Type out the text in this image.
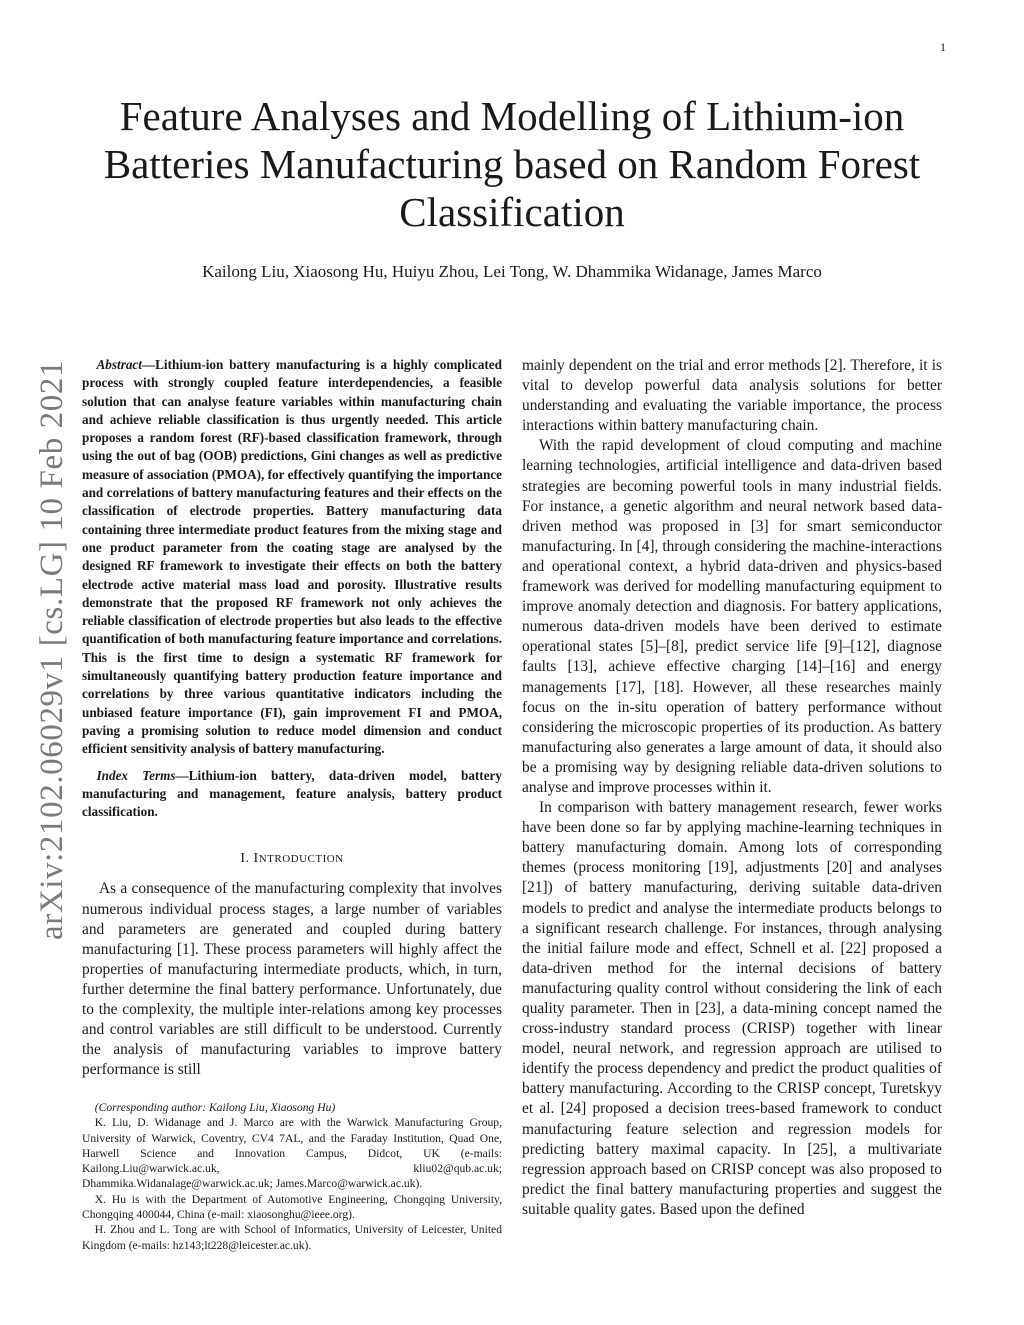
1
arXiv:2102.06029v1 [cs.LG] 10 Feb 2021
Feature Analyses and Modelling of Lithium-ion Batteries Manufacturing based on Random Forest Classification
Kailong Liu, Xiaosong Hu, Huiyu Zhou, Lei Tong, W. Dhammika Widanage, James Marco

Abstract—Lithium-ion battery manufacturing is a highly complicated process with strongly coupled feature interdependencies, a feasible solution that can analyse feature variables within manufacturing chain and achieve reliable classification is thus urgently needed. This article proposes a random forest (RF)-based classification framework, through using the out of bag (OOB) predictions, Gini changes as well as predictive measure of association (PMOA), for effectively quantifying the importance and correlations of battery manufacturing features and their effects on the classification of electrode properties. Battery manufacturing data containing three intermediate product features from the mixing stage and one product parameter from the coating stage are analysed by the designed RF framework to investigate their effects on both the battery electrode active material mass load and porosity. Illustrative results demonstrate that the proposed RF framework not only achieves the reliable classification of electrode properties but also leads to the effective quantification of both manufacturing feature importance and correlations. This is the first time to design a systematic RF framework for simultaneously quantifying battery production feature importance and correlations by three various quantitative indicators including the unbiased feature importance (FI), gain improvement FI and PMOA, paving a promising solution to reduce model dimension and conduct efficient sensitivity analysis of battery manufacturing.

Index Terms—Lithium-ion battery, data-driven model, battery manufacturing and management, feature analysis, battery product classification.

I. INTRODUCTION

As a consequence of the manufacturing complexity that involves numerous individual process stages, a large number of variables and parameters are generated and coupled during battery manufacturing [1]. These process parameters will highly affect the properties of manufacturing intermediate products, which, in turn, further determine the final battery performance. Unfortunately, due to the complexity, the multiple inter-relations among key processes and control variables are still difficult to be understood. Currently the analysis of manufacturing variables to improve battery performance is still

(Corresponding author: Kailong Liu, Xiaosong Hu)

K. Liu, D. Widanage and J. Marco are with the Warwick Manufacturing Group, University of Warwick, Coventry, CV4 7AL, and the Faraday Institution, Quad One, Harwell Science and Innovation Campus, Didcot, UK (e-mails: Kailong.Liu@warwick.ac.uk, kliu02@qub.ac.uk; Dhammika.Widanalage@warwick.ac.uk; James.Marco@warwick.ac.uk).

X. Hu is with the Department of Automotive Engineering, Chongqing University, Chongqing 400044, China (e-mail: xiaosonghu@ieee.org).

H. Zhou and L. Tong are with School of Informatics, University of Leicester, United Kingdom (e-mails: hz143;lt228@leicester.ac.uk).

mainly dependent on the trial and error methods [2]. Therefore, it is vital to develop powerful data analysis solutions for better understanding and evaluating the variable importance, the process interactions within battery manufacturing chain.

With the rapid development of cloud computing and machine learning technologies, artificial intelligence and data-driven based strategies are becoming powerful tools in many industrial fields. For instance, a genetic algorithm and neural network based data-driven method was proposed in [3] for smart semiconductor manufacturing. In [4], through considering the machine-interactions and operational context, a hybrid data-driven and physics-based framework was derived for modelling manufacturing equipment to improve anomaly detection and diagnosis. For battery applications, numerous data-driven models have been derived to estimate operational states [5]–[8], predict service life [9]–[12], diagnose faults [13], achieve effective charging [14]–[16] and energy managements [17], [18]. However, all these researches mainly focus on the in-situ operation of battery performance without considering the microscopic properties of its production. As battery manufacturing also generates a large amount of data, it should also be a promising way by designing reliable data-driven solutions to analyse and improve processes within it.

In comparison with battery management research, fewer works have been done so far by applying machine-learning techniques in battery manufacturing domain. Among lots of corresponding themes (process monitoring [19], adjustments [20] and analyses [21]) of battery manufacturing, deriving suitable data-driven models to predict and analyse the intermediate products belongs to a significant research challenge. For instances, through analysing the initial failure mode and effect, Schnell et al. [22] proposed a data-driven method for the internal decisions of battery manufacturing quality control without considering the link of each quality parameter. Then in [23], a data-mining concept named the cross-industry standard process (CRISP) together with linear model, neural network, and regression approach are utilised to identify the process dependency and predict the product qualities of battery manufacturing. According to the CRISP concept, Turetskyy et al. [24] proposed a decision trees-based framework to conduct manufacturing feature selection and regression models for predicting battery maximal capacity. In [25], a multivariate regression approach based on CRISP concept was also proposed to predict the final battery manufacturing properties and suggest the suitable quality gates. Based upon the defined
